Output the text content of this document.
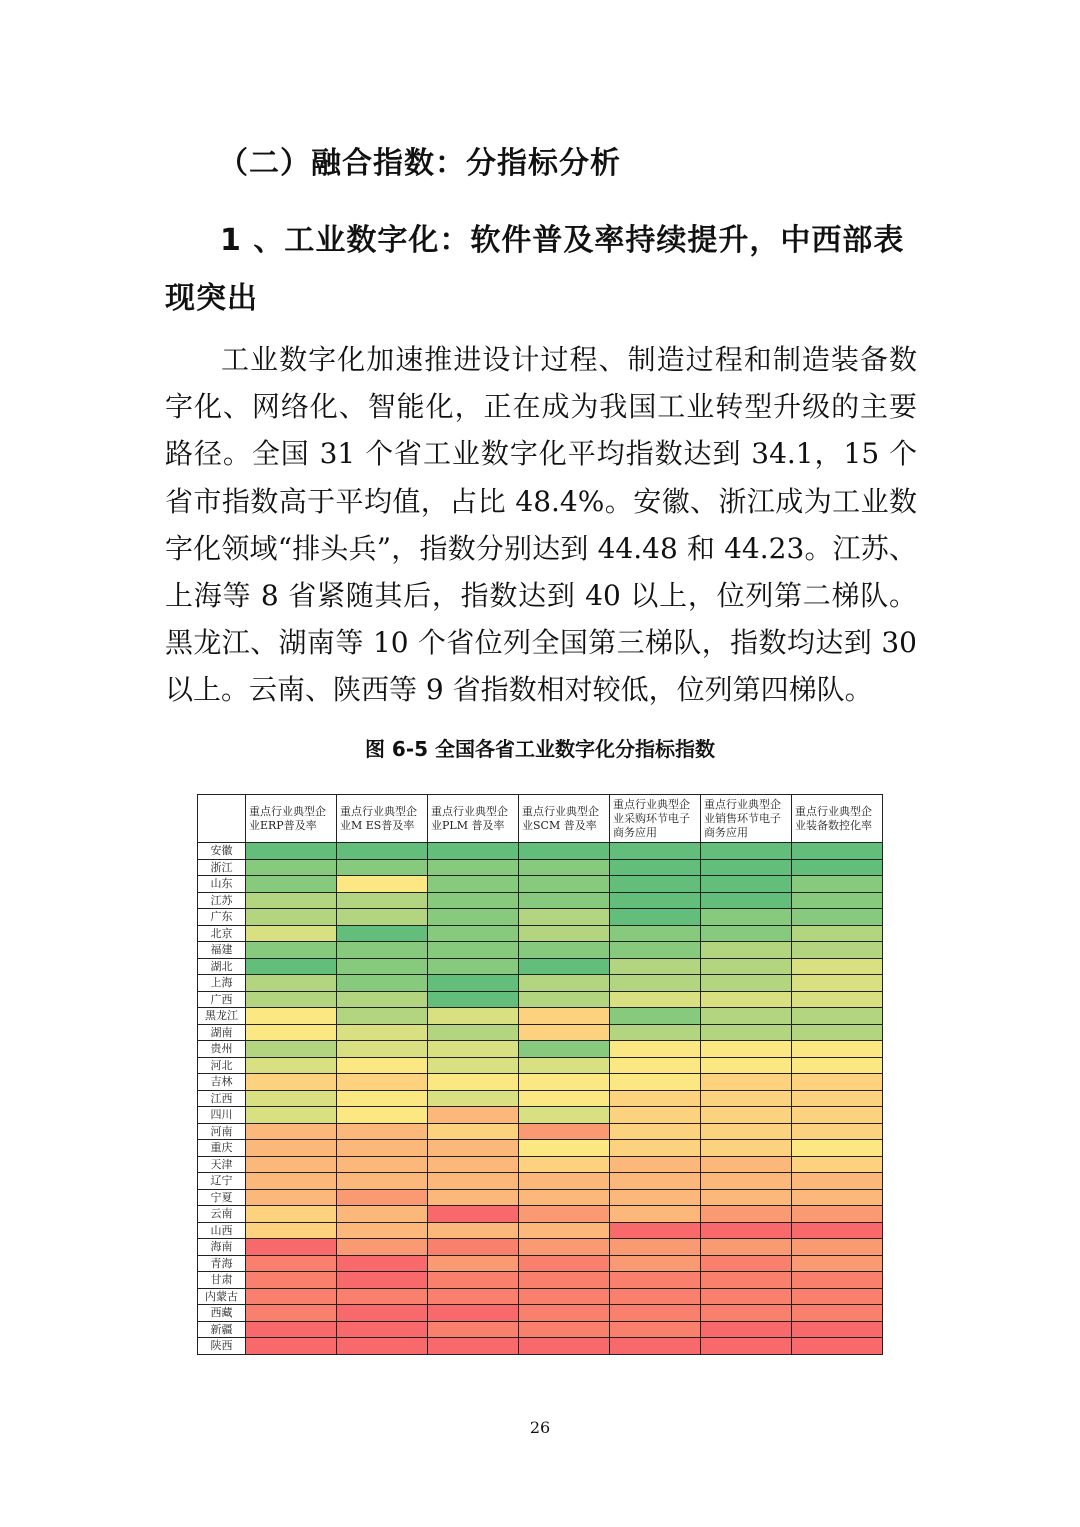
（二）融合指数：分指标分析
1 、工业数字化：软件普及率持续提升，中西部表现突出

工业数字化加速推进设计过程、制造过程和制造装备数字化、网络化、智能化，正在成为我国工业转型升级的主要路径。全国 31 个省工业数字化平均指数达到 34.1，15 个省市指数高于平均值，占比 48.4%。安徽、浙江成为工业数字化领域“排头兵”，指数分别达到 44.48 和 44.23。江苏、上海等 8 省紧随其后，指数达到 40 以上，位列第二梯队。黑龙江、湖南等 10 个省位列全国第三梯队，指数均达到 30 以上。云南、陕西等 9 省指数相对较低，位列第四梯队。

图 6-5 全国各省工业数字化分指标指数

	重点行业典型企业ERP普及率	重点行业典型企业M ES普及率	重点行业典型企业PLM 普及率	重点行业典型企业SCM 普及率	重点行业典型企业采购环节电子商务应用	重点行业典型企业销售环节电子商务应用	重点行业典型企业装备数控化率
安徽							
浙江							
山东							
江苏							
广东							
北京							
福建							
湖北							
上海							
广西							
黑龙江							
湖南							
贵州							
河北							
吉林							
江西							
四川							
河南							
重庆							
天津							
辽宁							
宁夏							
云南							
山西							
海南							
青海							
甘肃							
内蒙古							
西藏							
新疆							
陕西							

26
